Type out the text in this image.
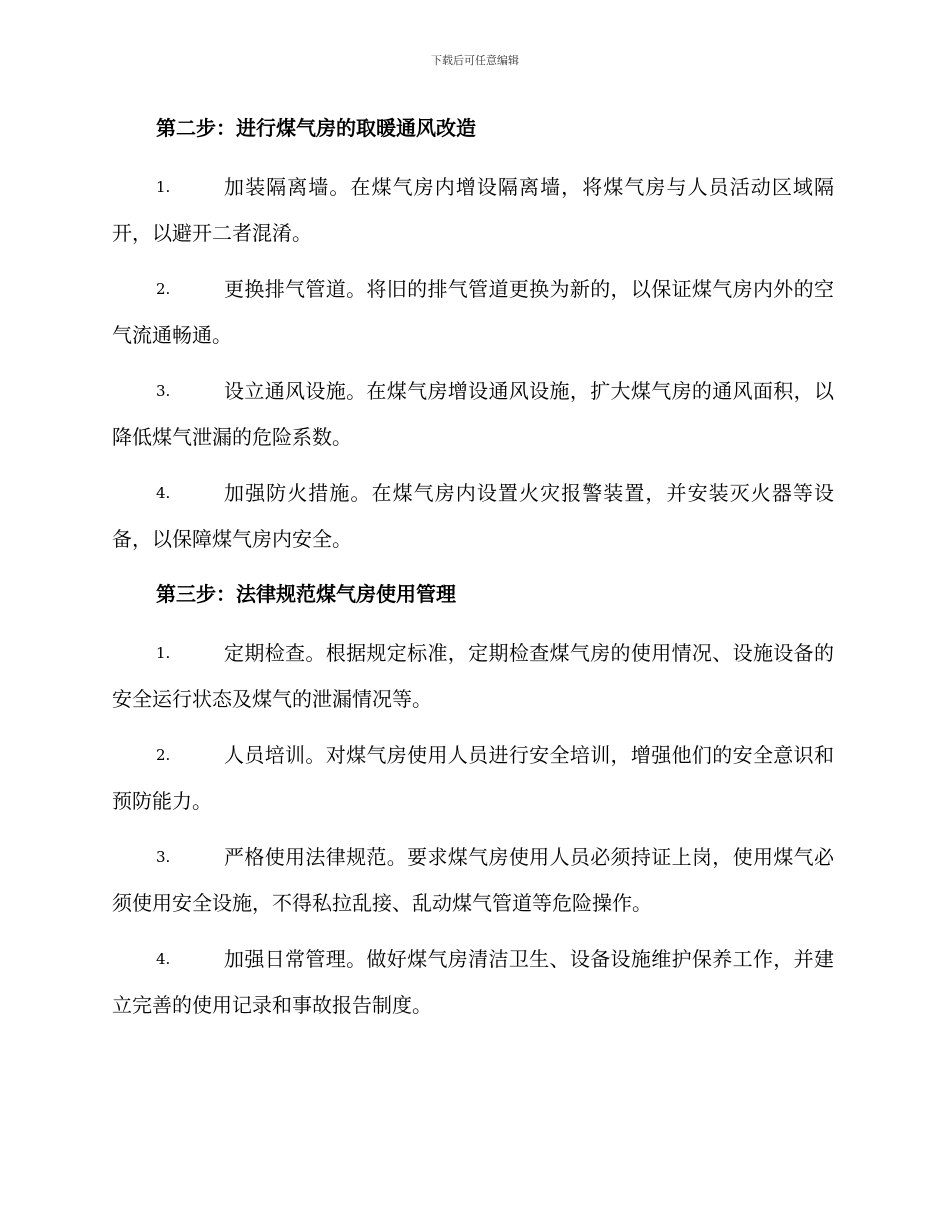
下载后可任意编辑

第二步：进行煤气房的取暖通风改造

1.	加装隔离墙。在煤气房内增设隔离墙，将煤气房与人员活动区域隔开，以避开二者混淆。

2.	更换排气管道。将旧的排气管道更换为新的，以保证煤气房内外的空气流通畅通。

3.	设立通风设施。在煤气房增设通风设施，扩大煤气房的通风面积，以降低煤气泄漏的危险系数。

4.	加强防火措施。在煤气房内设置火灾报警装置，并安装灭火器等设备，以保障煤气房内安全。

第三步：法律规范煤气房使用管理

1.	定期检查。根据规定标准，定期检查煤气房的使用情况、设施设备的安全运行状态及煤气的泄漏情况等。

2.	人员培训。对煤气房使用人员进行安全培训，增强他们的安全意识和预防能力。

3.	严格使用法律规范。要求煤气房使用人员必须持证上岗，使用煤气必须使用安全设施，不得私拉乱接、乱动煤气管道等危险操作。

4.	加强日常管理。做好煤气房清洁卫生、设备设施维护保养工作，并建立完善的使用记录和事故报告制度。
